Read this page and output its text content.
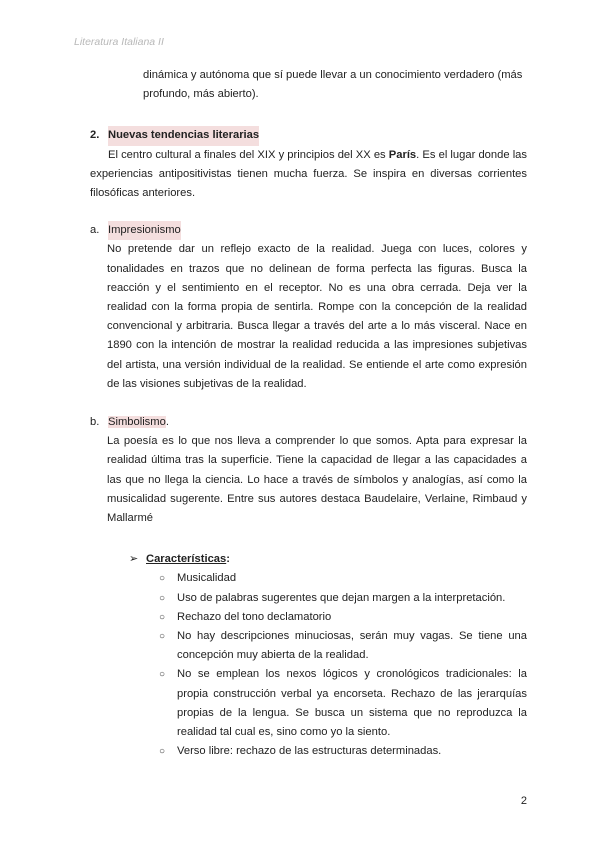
Literatura Italiana II

dinámica y autónoma que sí puede llevar a un conocimiento verdadero (más profundo, más abierto).

2. Nuevas tendencias literarias

El centro cultural a finales del XIX y principios del XX es París. Es el lugar donde las experiencias antipositivistas tienen mucha fuerza. Se inspira en diversas corrientes filosóficas anteriores.

a. Impresionismo

No pretende dar un reflejo exacto de la realidad. Juega con luces, colores y tonalidades en trazos que no delinean de forma perfecta las figuras. Busca la reacción y el sentimiento en el receptor. No es una obra cerrada. Deja ver la realidad con la forma propia de sentirla. Rompe con la concepción de la realidad convencional y arbitraria. Busca llegar a través del arte a lo más visceral. Nace en 1890 con la intención de mostrar la realidad reducida a las impresiones subjetivas del artista, una versión individual de la realidad. Se entiende el arte como expresión de las visiones subjetivas de la realidad.

b. Simbolismo.

La poesía es lo que nos lleva a comprender lo que somos. Apta para expresar la realidad última tras la superficie. Tiene la capacidad de llegar a las capacidades a las que no llega la ciencia. Lo hace a través de símbolos y analogías, así como la musicalidad sugerente. Entre sus autores destaca Baudelaire, Verlaine, Rimbaud y Mallarmé

➢ Características:
○	Musicalidad
○	Uso de palabras sugerentes que dejan margen a la interpretación.
○	Rechazo del tono declamatorio
○	No hay descripciones minuciosas, serán muy vagas. Se tiene una concepción muy abierta de la realidad.
○	No se emplean los nexos lógicos y cronológicos tradicionales: la propia construcción verbal ya encorseta. Rechazo de las jerarquías propias de la lengua. Se busca un sistema que no reproduzca la realidad tal cual es, sino como yo la siento.
○	Verso libre: rechazo de las estructuras determinadas.
2
